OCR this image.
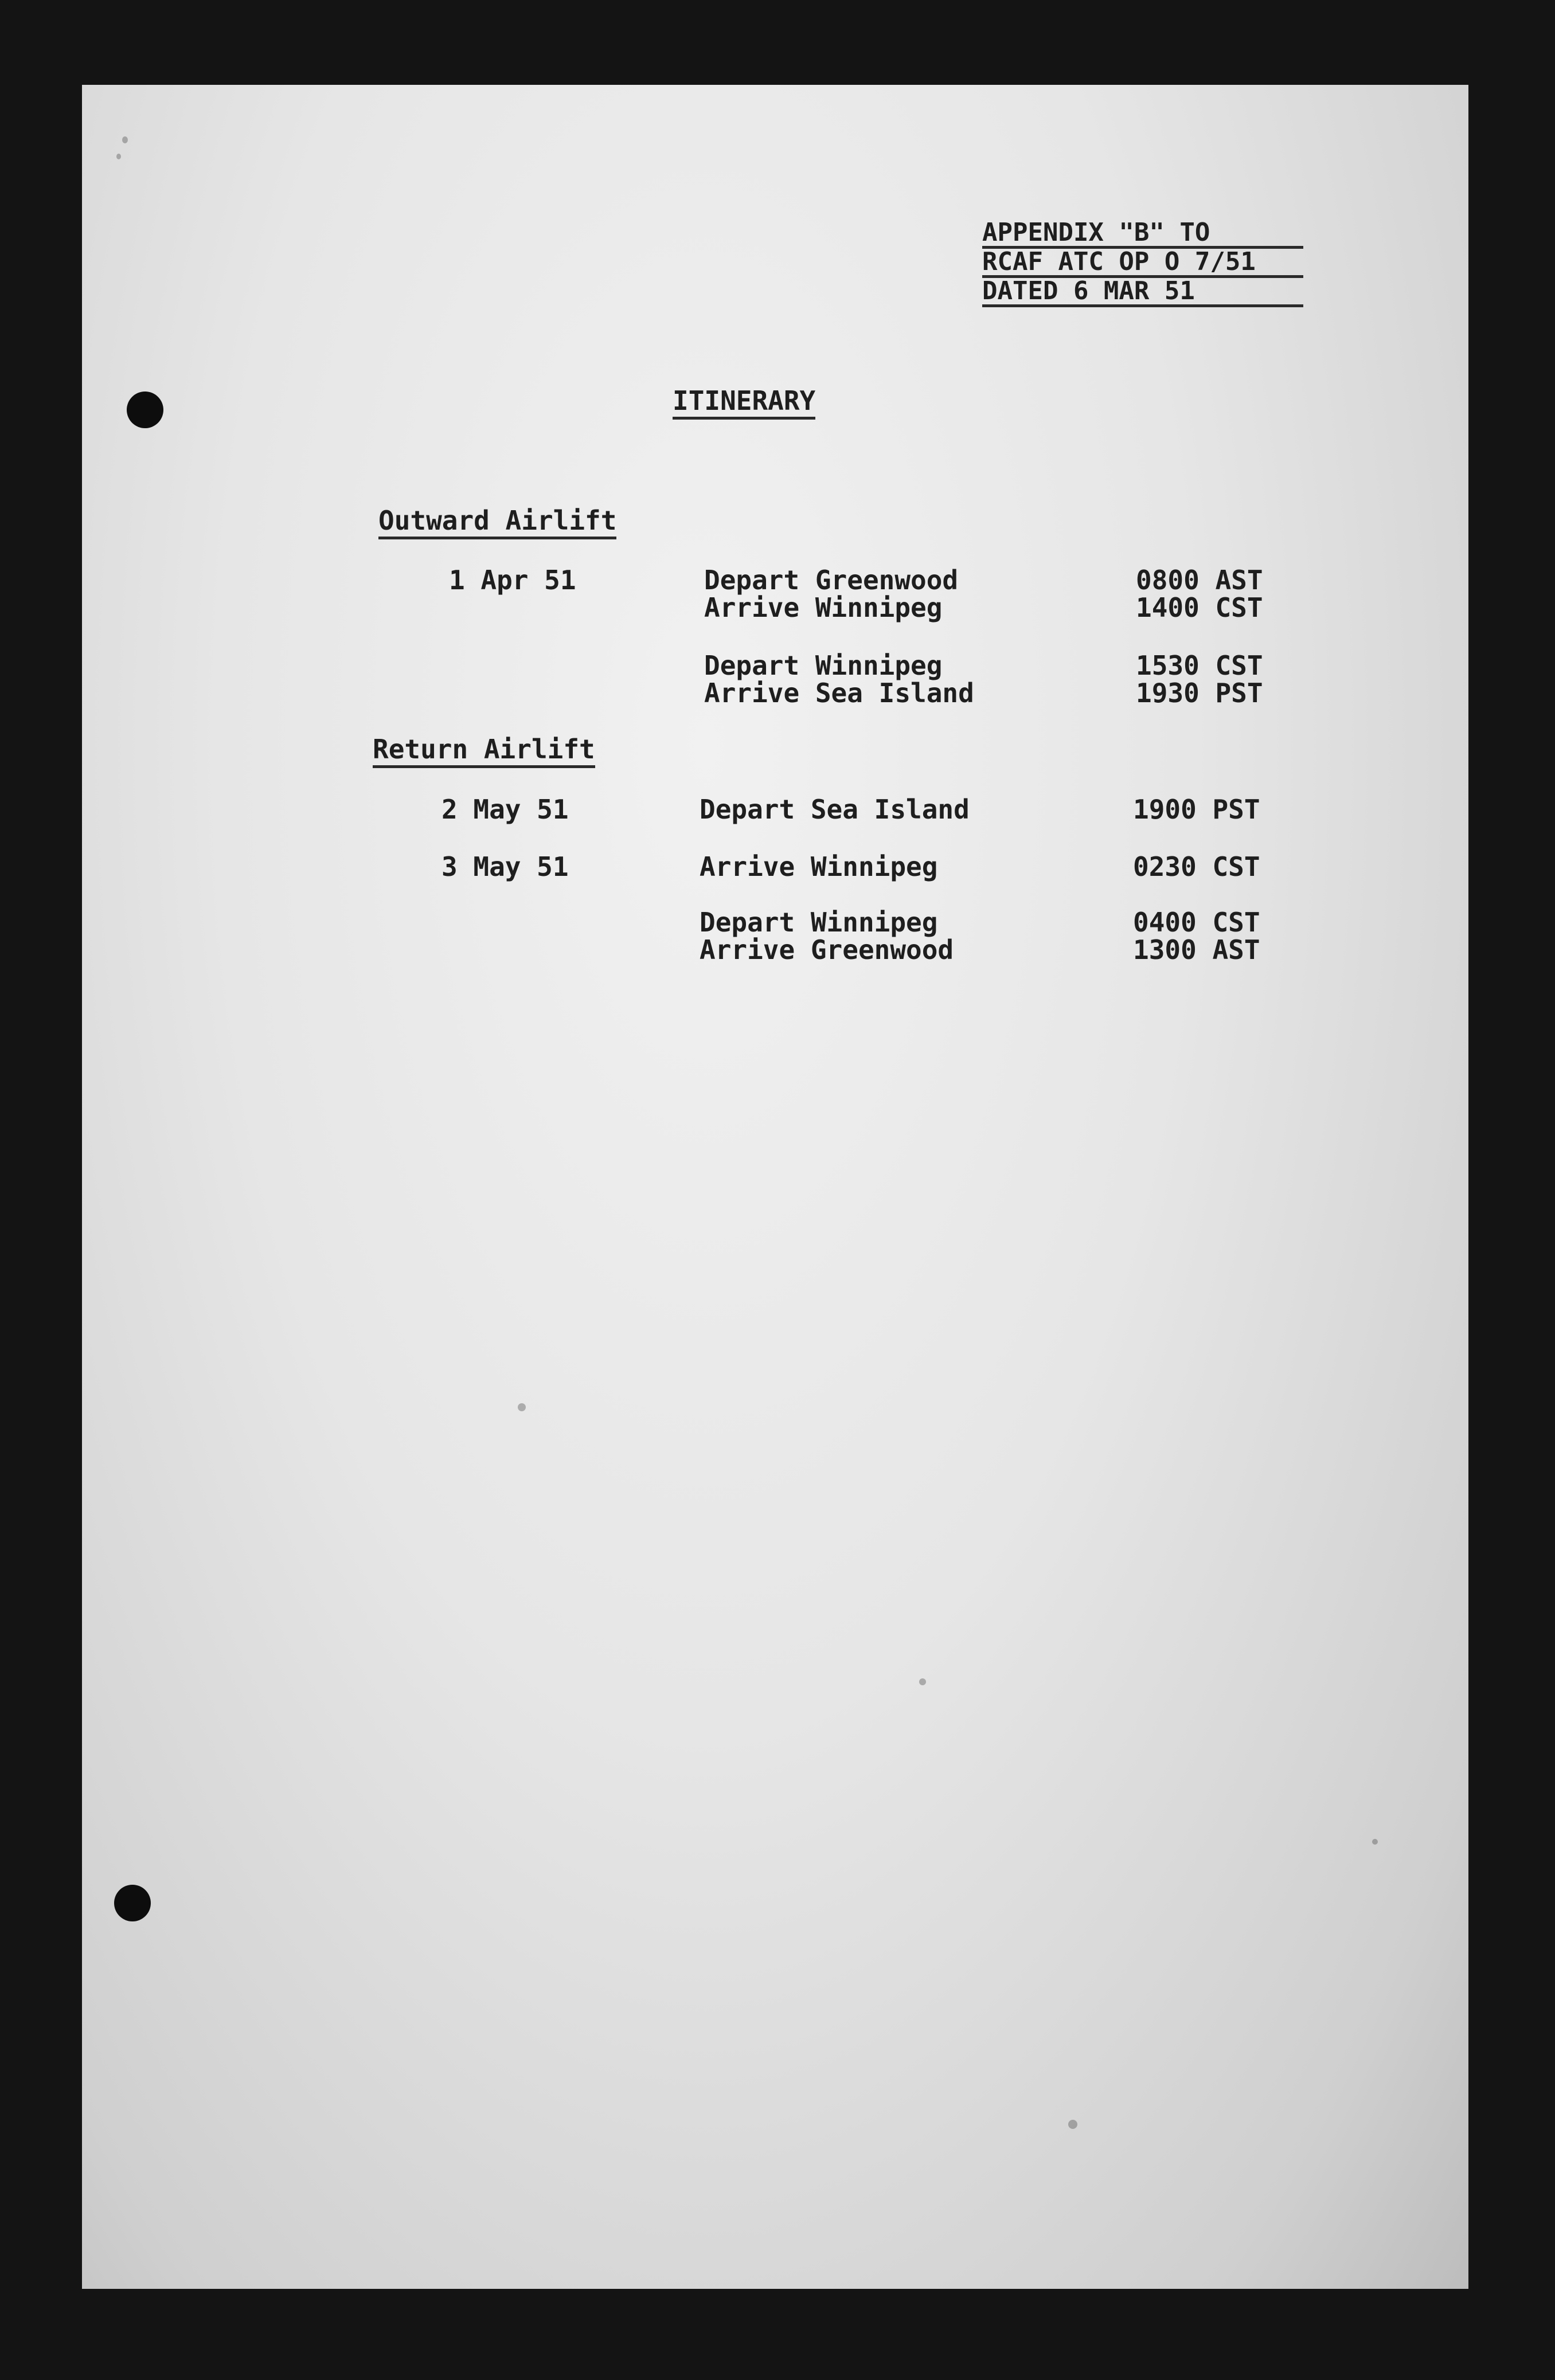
APPENDIX "B" TO
RCAF ATC OP O 7/51
DATED 6 MAR 51
ITINERARY
Outward Airlift
1 Apr 51	Depart Greenwood	0800 AST
Arrive Winnipeg	1400 CST
Depart Winnipeg	1530 CST
Arrive Sea Island	1930 PST
Return Airlift
2 May 51	Depart Sea Island	1900 PST
3 May 51	Arrive Winnipeg	0230 CST
Depart Winnipeg	0400 CST
Arrive Greenwood	1300 AST
